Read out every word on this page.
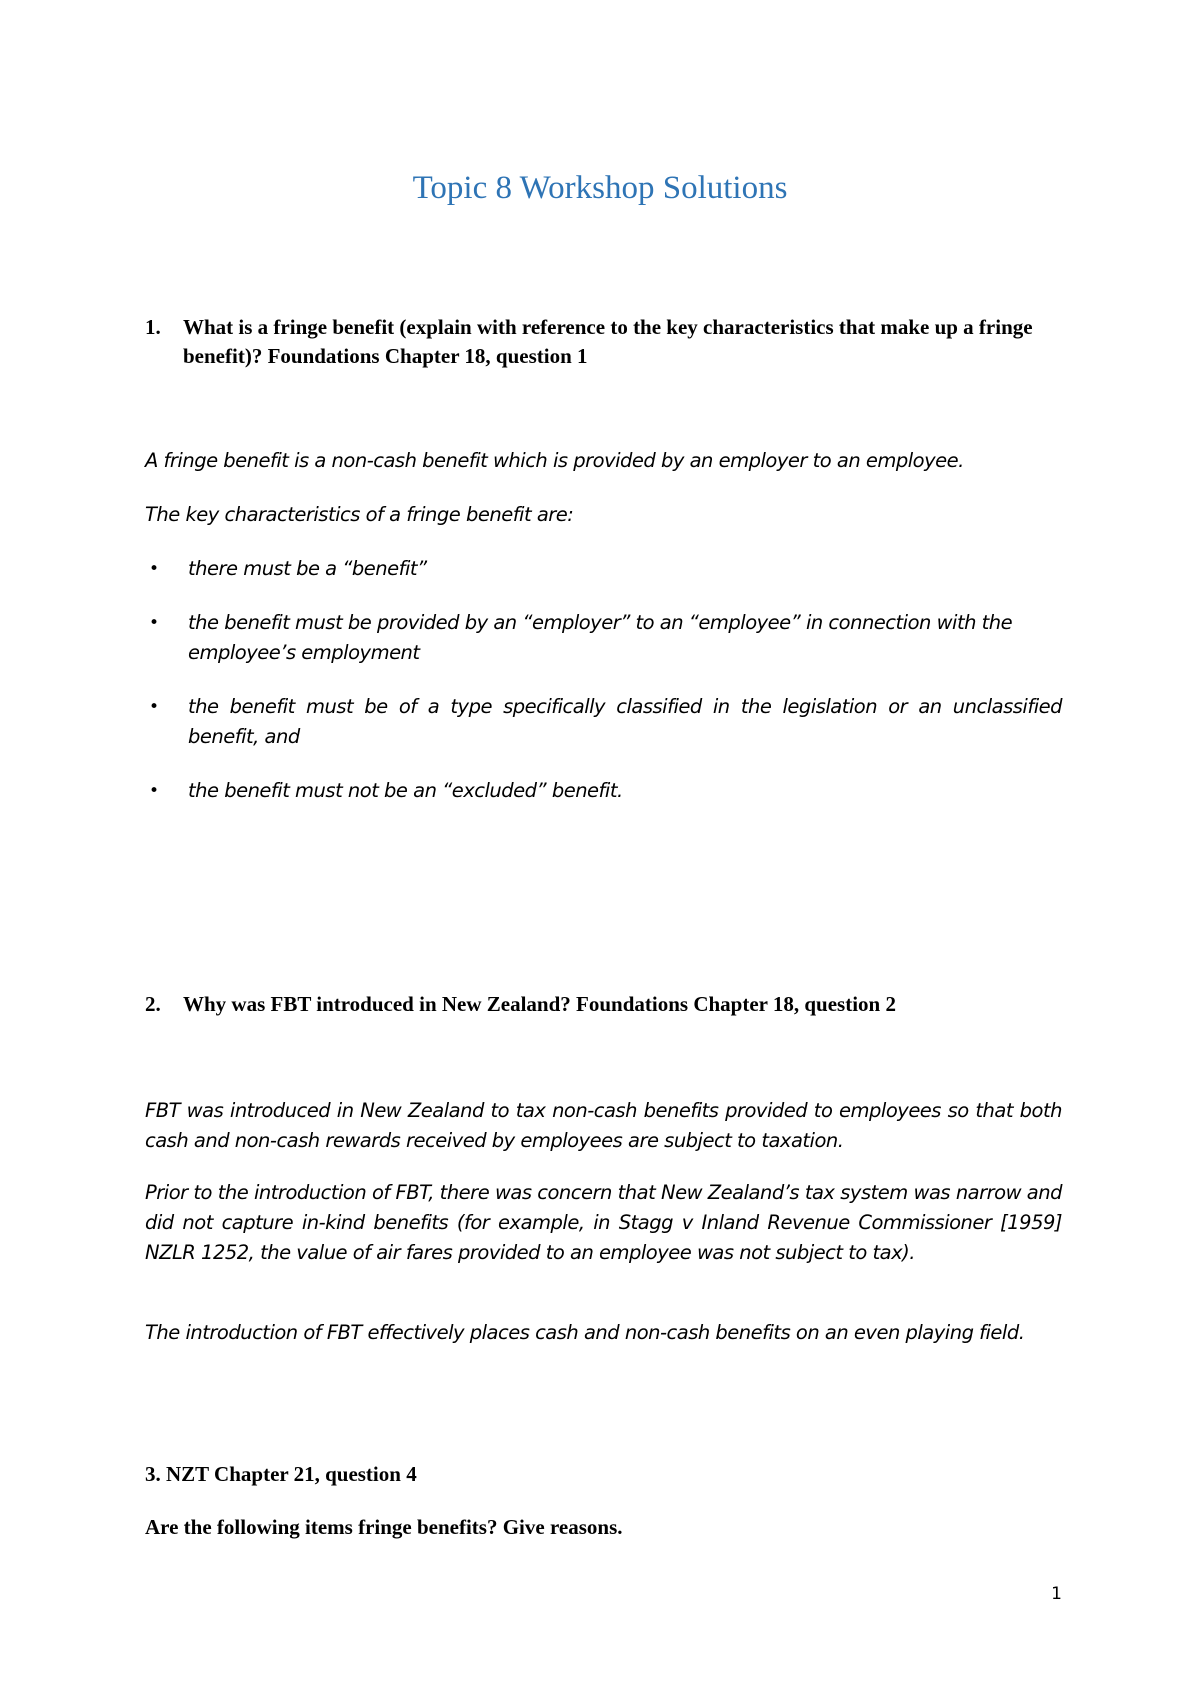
Topic 8 Workshop Solutions
1.	What is a fringe benefit (explain with reference to the key characteristics that make up a fringe benefit)? Foundations Chapter 18, question 1

A fringe benefit is a non-cash benefit which is provided by an employer to an employee.

The key characteristics of a fringe benefit are:

• there must be a “benefit”
• the benefit must be provided by an “employer” to an “employee” in connection with the employee’s employment
• the benefit must be of a type specifically classified in the legislation or an unclassified benefit, and
• the benefit must not be an “excluded” benefit.
2.	Why was FBT introduced in New Zealand? Foundations Chapter 18, question 2

FBT was introduced in New Zealand to tax non-cash benefits provided to employees so that both cash and non-cash rewards received by employees are subject to taxation.

Prior to the introduction of FBT, there was concern that New Zealand’s tax system was narrow and did not capture in-kind benefits (for example, in Stagg v Inland Revenue Commissioner [1959] NZLR 1252, the value of air fares provided to an employee was not subject to tax).

The introduction of FBT effectively places cash and non-cash benefits on an even playing field.

3. NZT Chapter 21, question 4

Are the following items fringe benefits? Give reasons.

1
